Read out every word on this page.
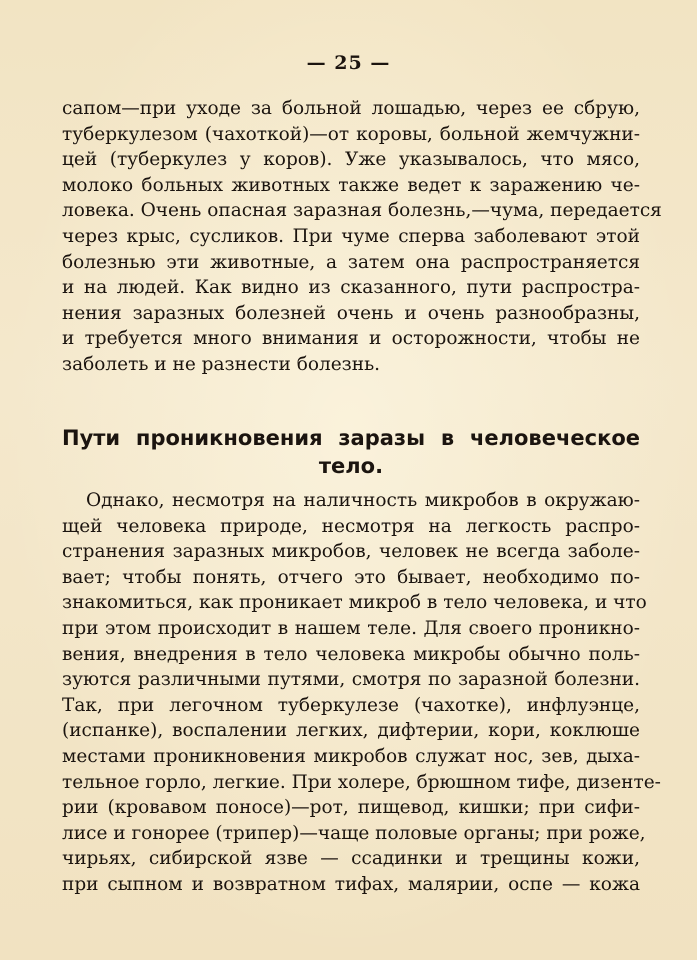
— 25 —
сапом—при уходе за больной лошадью, через ее сбрую,
туберкулезом (чахоткой)—от коровы, больной жемчужни-
цей (туберкулез у коров). Уже указывалось, что мясо,
молоко больных животных также ведет к заражению че-
ловека. Очень опасная заразная болезнь,—чума, передается
через крыс, сусликов. При чуме сперва заболевают этой
болезнью эти животные, а затем она распространяется
и на людей. Как видно из сказанного, пути распростра-
нения заразных болезней очень и очень разнообразны,
и требуется много внимания и осторожности, чтобы не
заболеть и не разнести болезнь.
Пути проникновения заразы в человеческое
тело.
Однако, несмотря на наличность микробов в окружаю-
щей человека природе, несмотря на легкость распро-
странения заразных микробов, человек не всегда заболе-
вает; чтобы понять, отчего это бывает, необходимо по-
знакомиться, как проникает микроб в тело человека, и что
при этом происходит в нашем теле. Для своего проникно-
вения, внедрения в тело человека микробы обычно поль-
зуются различными путями, смотря по заразной болезни.
Так, при легочном туберкулезе (чахотке), инфлуэнце,
(испанке), воспалении легких, дифтерии, кори, коклюше
местами проникновения микробов служат нос, зев, дыха-
тельное горло, легкие. При холере, брюшном тифе, дизенте-
рии (кровавом поносе)—рот, пищевод, кишки; при сифи-
лисе и гонорее (трипер)—чаще половые органы; при роже,
чирьях, сибирской язве — ссадинки и трещины кожи,
при сыпном и возвратном тифах, малярии, оспе — кожа
